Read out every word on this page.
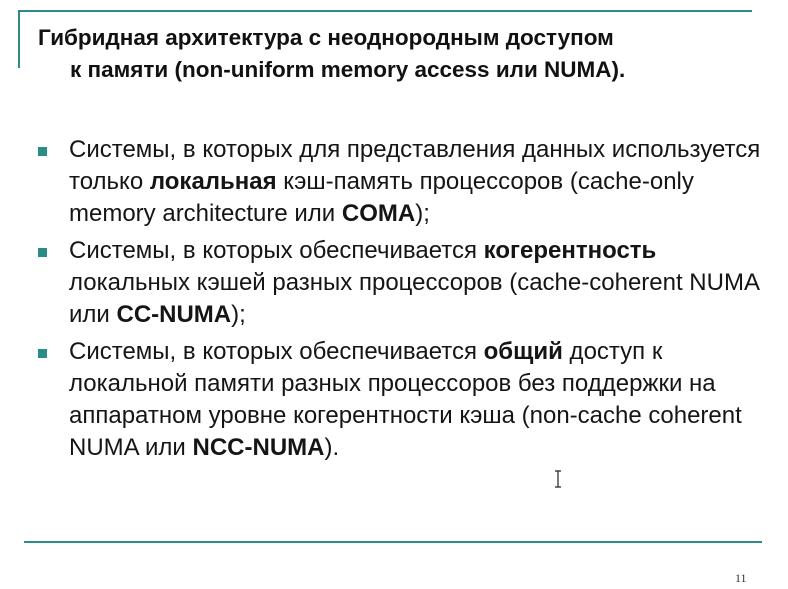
Гибридная архитектура с неоднородным доступом
к памяти (non-uniform memory access или NUMA).
Системы, в которых для представления данных используется только локальная кэш-память процессоров (cache-only memory architecture или COMA);
Системы, в которых обеспечивается когерентность локальных кэшей разных процессоров (cache-coherent NUMA или CC-NUMA);
Системы, в которых обеспечивается общий доступ к локальной памяти разных процессоров без поддержки на аппаратном уровне когерентности кэша (non-cache coherent NUMA или NCC-NUMA).
11
